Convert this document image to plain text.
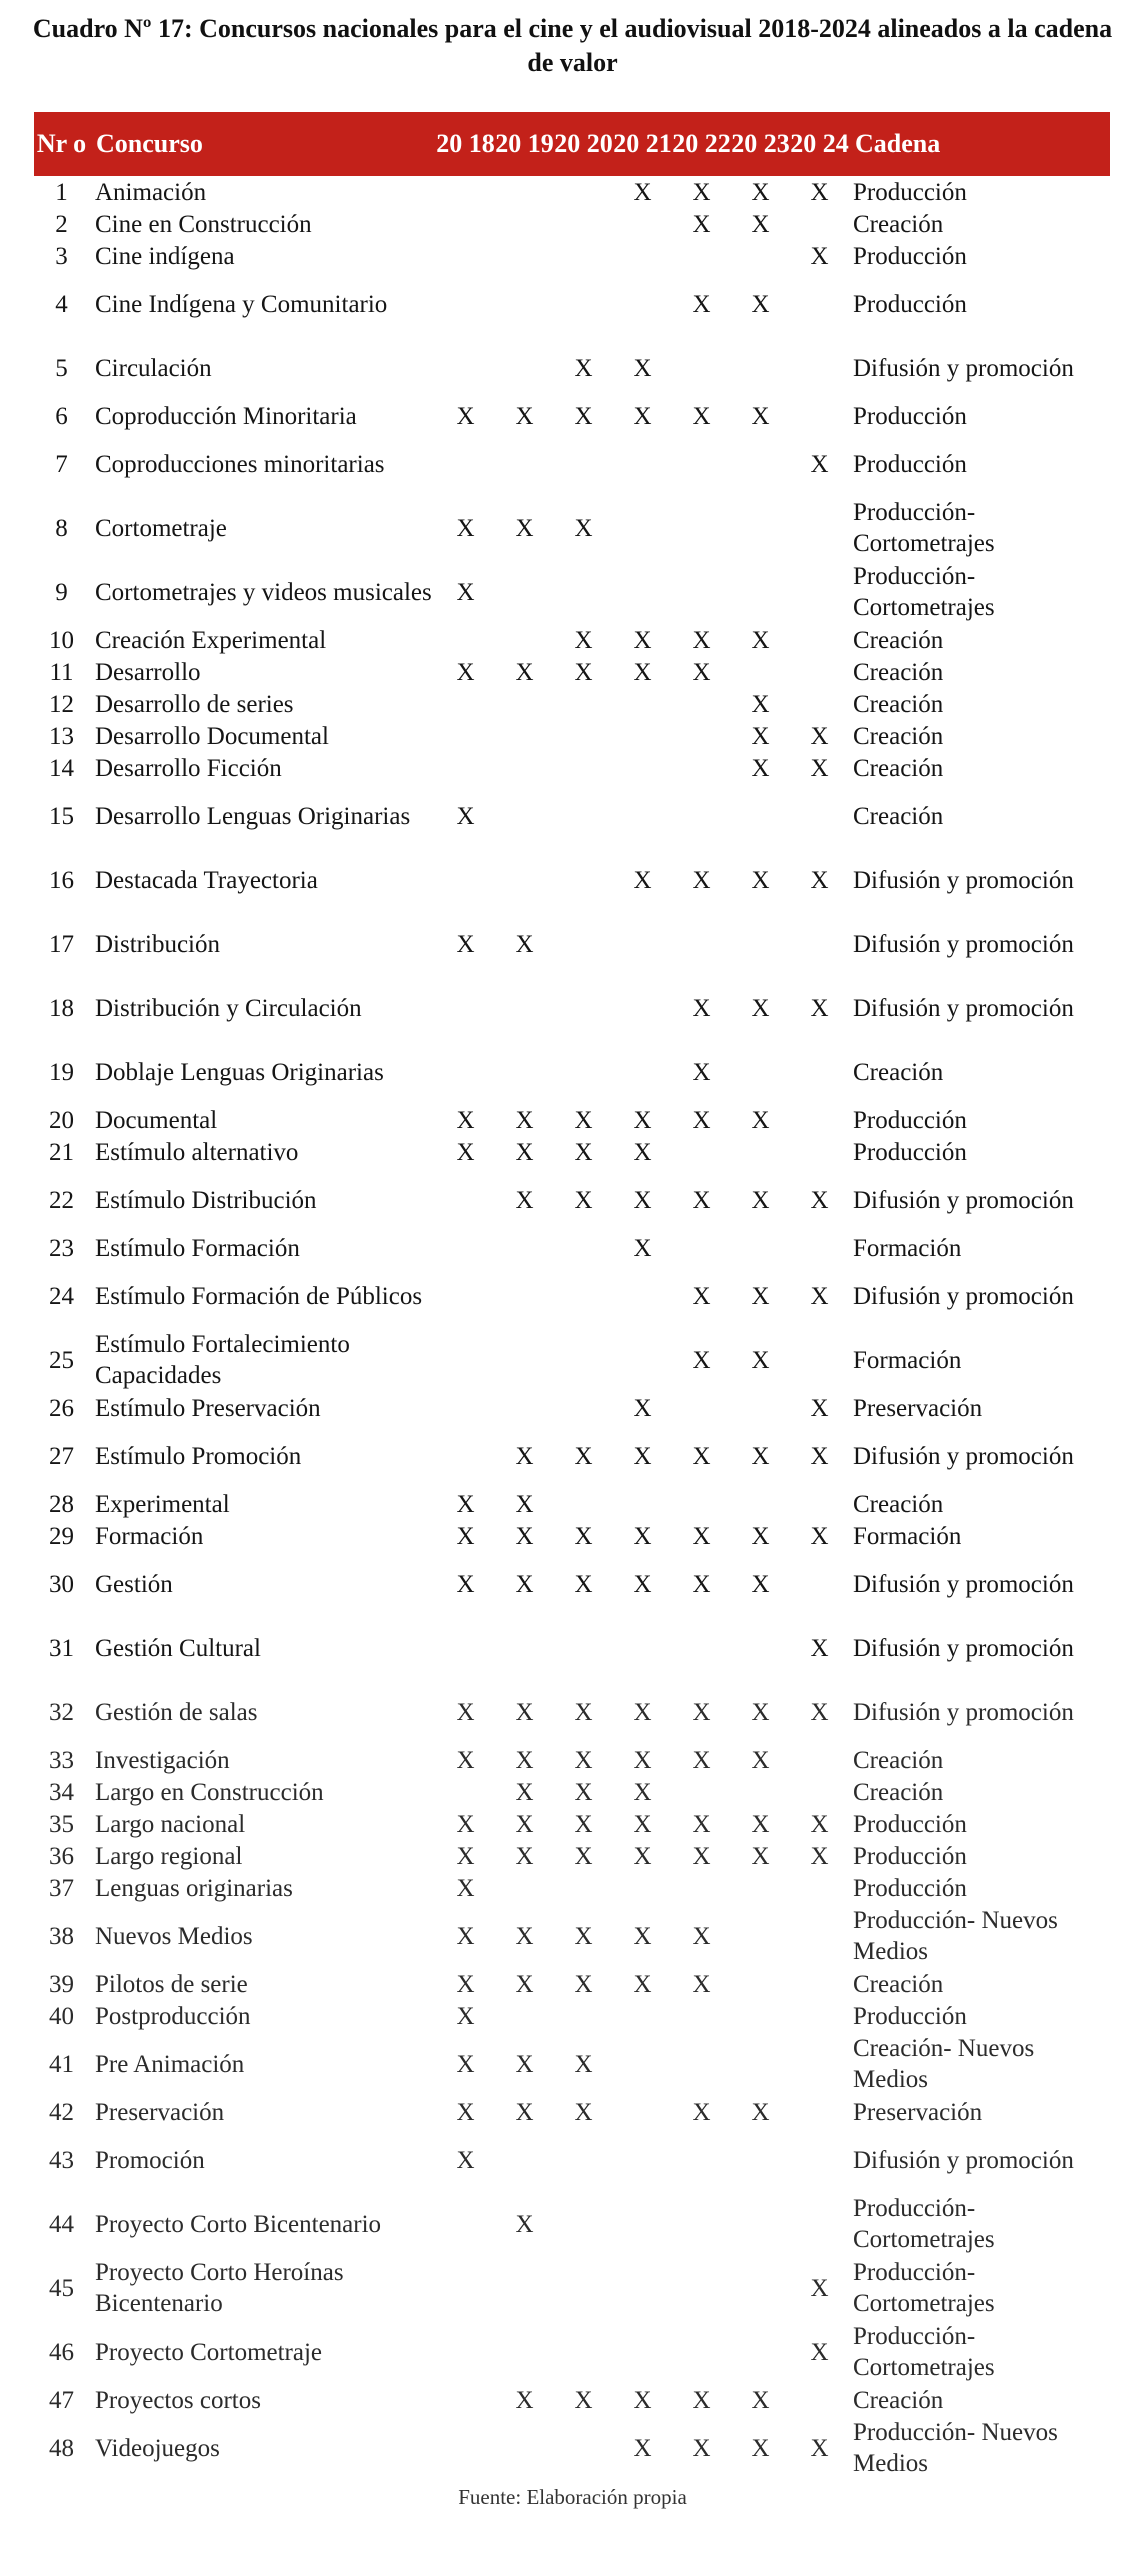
Cuadro Nº 17: Concursos nacionales para el cine y el audiovisual 2018-2024 alineados a la cadena de valor
Nr o	Concurso	20 18	20 19	20 20	20 21	20 22	20 23	20 24	Cadena
1	Animación				X	X	X	X	Producción
2	Cine en Construcción					X	X		Creación
3	Cine indígena							X	Producción
4	Cine Indígena y Comunitario					X	X		Producción
5	Circulación			X	X				Difusión y promoción
6	Coproducción Minoritaria	X	X	X	X	X	X		Producción
7	Coproducciones minoritarias							X	Producción
8	Cortometraje	X	X	X					Producción-Cortometrajes
9	Cortometrajes y videos musicales	X							Producción-Cortometrajes
10	Creación Experimental			X	X	X	X		Creación
11	Desarrollo	X	X	X	X	X			Creación
12	Desarrollo de series						X		Creación
13	Desarrollo Documental						X	X	Creación
14	Desarrollo Ficción						X	X	Creación
15	Desarrollo Lenguas Originarias	X							Creación
16	Destacada Trayectoria				X	X	X	X	Difusión y promoción
17	Distribución	X	X						Difusión y promoción
18	Distribución y Circulación					X	X	X	Difusión y promoción
19	Doblaje Lenguas Originarias					X			Creación
20	Documental	X	X	X	X	X	X		Producción
21	Estímulo alternativo	X	X	X	X				Producción
22	Estímulo Distribución		X	X	X	X	X	X	Difusión y promoción
23	Estímulo Formación				X				Formación
24	Estímulo Formación de Públicos					X	X	X	Difusión y promoción
25	Estímulo Fortalecimiento Capacidades					X	X		Formación
26	Estímulo Preservación				X			X	Preservación
27	Estímulo Promoción		X	X	X	X	X	X	Difusión y promoción
28	Experimental	X	X						Creación
29	Formación	X	X	X	X	X	X	X	Formación
30	Gestión	X	X	X	X	X	X		Difusión y promoción
31	Gestión Cultural							X	Difusión y promoción
32	Gestión de salas	X	X	X	X	X	X	X	Difusión y promoción
33	Investigación	X	X	X	X	X	X		Creación
34	Largo en Construcción		X	X	X				Creación
35	Largo nacional	X	X	X	X	X	X	X	Producción
36	Largo regional	X	X	X	X	X	X	X	Producción
37	Lenguas originarias	X							Producción
38	Nuevos Medios	X	X	X	X	X			Producción- Nuevos Medios
39	Pilotos de serie	X	X	X	X	X			Creación
40	Postproducción	X							Producción
41	Pre Animación	X	X	X					Creación- Nuevos Medios
42	Preservación	X	X	X		X	X		Preservación
43	Promoción	X							Difusión y promoción
44	Proyecto Corto Bicentenario		X						Producción-Cortometrajes
45	Proyecto Corto Heroínas Bicentenario							X	Producción-Cortometrajes
46	Proyecto Cortometraje							X	Producción-Cortometrajes
47	Proyectos cortos		X	X	X	X	X		Creación
48	Videojuegos				X	X	X	X	Producción- Nuevos Medios
Fuente: Elaboración propia
